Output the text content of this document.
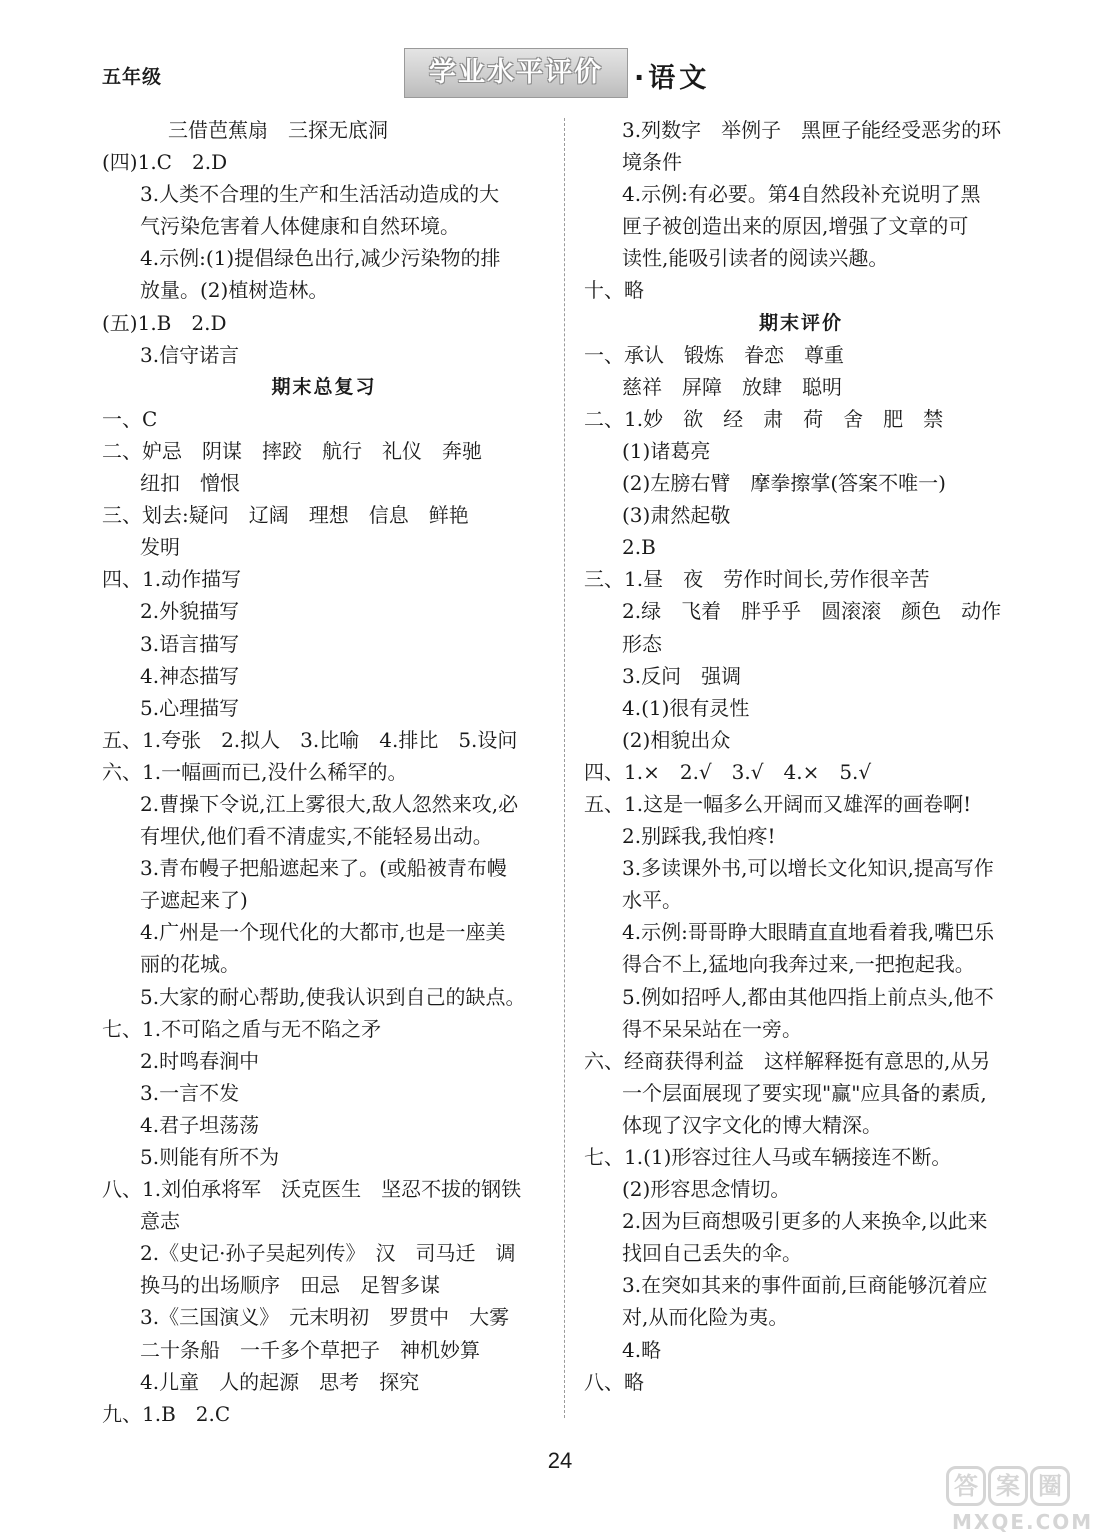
五年级	学业水平评价	·语文
三借芭蕉扇　三探无底洞
(四)1.C　2.D
3.人类不合理的生产和生活活动造成的大
气污染危害着人体健康和自然环境。
4.示例:(1)提倡绿色出行,减少污染物的排
放量。(2)植树造林。
(五)1.B　2.D
3.信守诺言
期末总复习
一、C
二、妒忌　阴谋　摔跤　航行　礼仪　奔驰
纽扣　憎恨
三、划去:疑问　辽阔　理想　信息　鲜艳
发明
四、1.动作描写
2.外貌描写
3.语言描写
4.神态描写
5.心理描写
五、1.夸张　2.拟人　3.比喻　4.排比　5.设问
六、1.一幅画而已,没什么稀罕的。
2.曹操下令说,江上雾很大,敌人忽然来攻,必
有埋伏,他们看不清虚实,不能轻易出动。
3.青布幔子把船遮起来了。(或船被青布幔
子遮起来了)
4.广州是一个现代化的大都市,也是一座美
丽的花城。
5.大家的耐心帮助,使我认识到自己的缺点。
七、1.不可陷之盾与无不陷之矛
2.时鸣春涧中
3.一言不发
4.君子坦荡荡
5.则能有所不为
八、1.刘伯承将军　沃克医生　坚忍不拔的钢铁
意志
2.《史记·孙子吴起列传》　汉　司马迁　调
换马的出场顺序　田忌　足智多谋
3.《三国演义》　元末明初　罗贯中　大雾
二十条船　一千多个草把子　神机妙算
4.儿童　人的起源　思考　探究
九、1.B　2.C
3.列数字　举例子　黑匣子能经受恶劣的环
境条件
4.示例:有必要。第4自然段补充说明了黑
匣子被创造出来的原因,增强了文章的可
读性,能吸引读者的阅读兴趣。
十、略
期末评价
一、承认　锻炼　眷恋　尊重
慈祥　屏障　放肆　聪明
二、1.妙　欲　经　肃　荷　舍　肥　禁
(1)诸葛亮
(2)左膀右臂　摩拳擦掌(答案不唯一)
(3)肃然起敬
2.B
三、1.昼　夜　劳作时间长,劳作很辛苦
2.绿　飞着　胖乎乎　圆滚滚　颜色　动作
形态
3.反问　强调
4.(1)很有灵性
(2)相貌出众
四、1.×　2.√　3.√　4.×　5.√
五、1.这是一幅多么开阔而又雄浑的画卷啊!
2.别踩我,我怕疼!
3.多读课外书,可以增长文化知识,提高写作
水平。
4.示例:哥哥睁大眼睛直直地看着我,嘴巴乐
得合不上,猛地向我奔过来,一把抱起我。
5.例如招呼人,都由其他四指上前点头,他不
得不呆呆站在一旁。
六、经商获得利益　这样解释挺有意思的,从另
一个层面展现了要实现"赢"应具备的素质,
体现了汉字文化的博大精深。
七、1.(1)形容过往人马或车辆接连不断。
(2)形容思念情切。
2.因为巨商想吸引更多的人来换伞,以此来
找回自己丢失的伞。
3.在突如其来的事件面前,巨商能够沉着应
对,从而化险为夷。
4.略
八、略
24
答 案 圈
MXQE.COM
